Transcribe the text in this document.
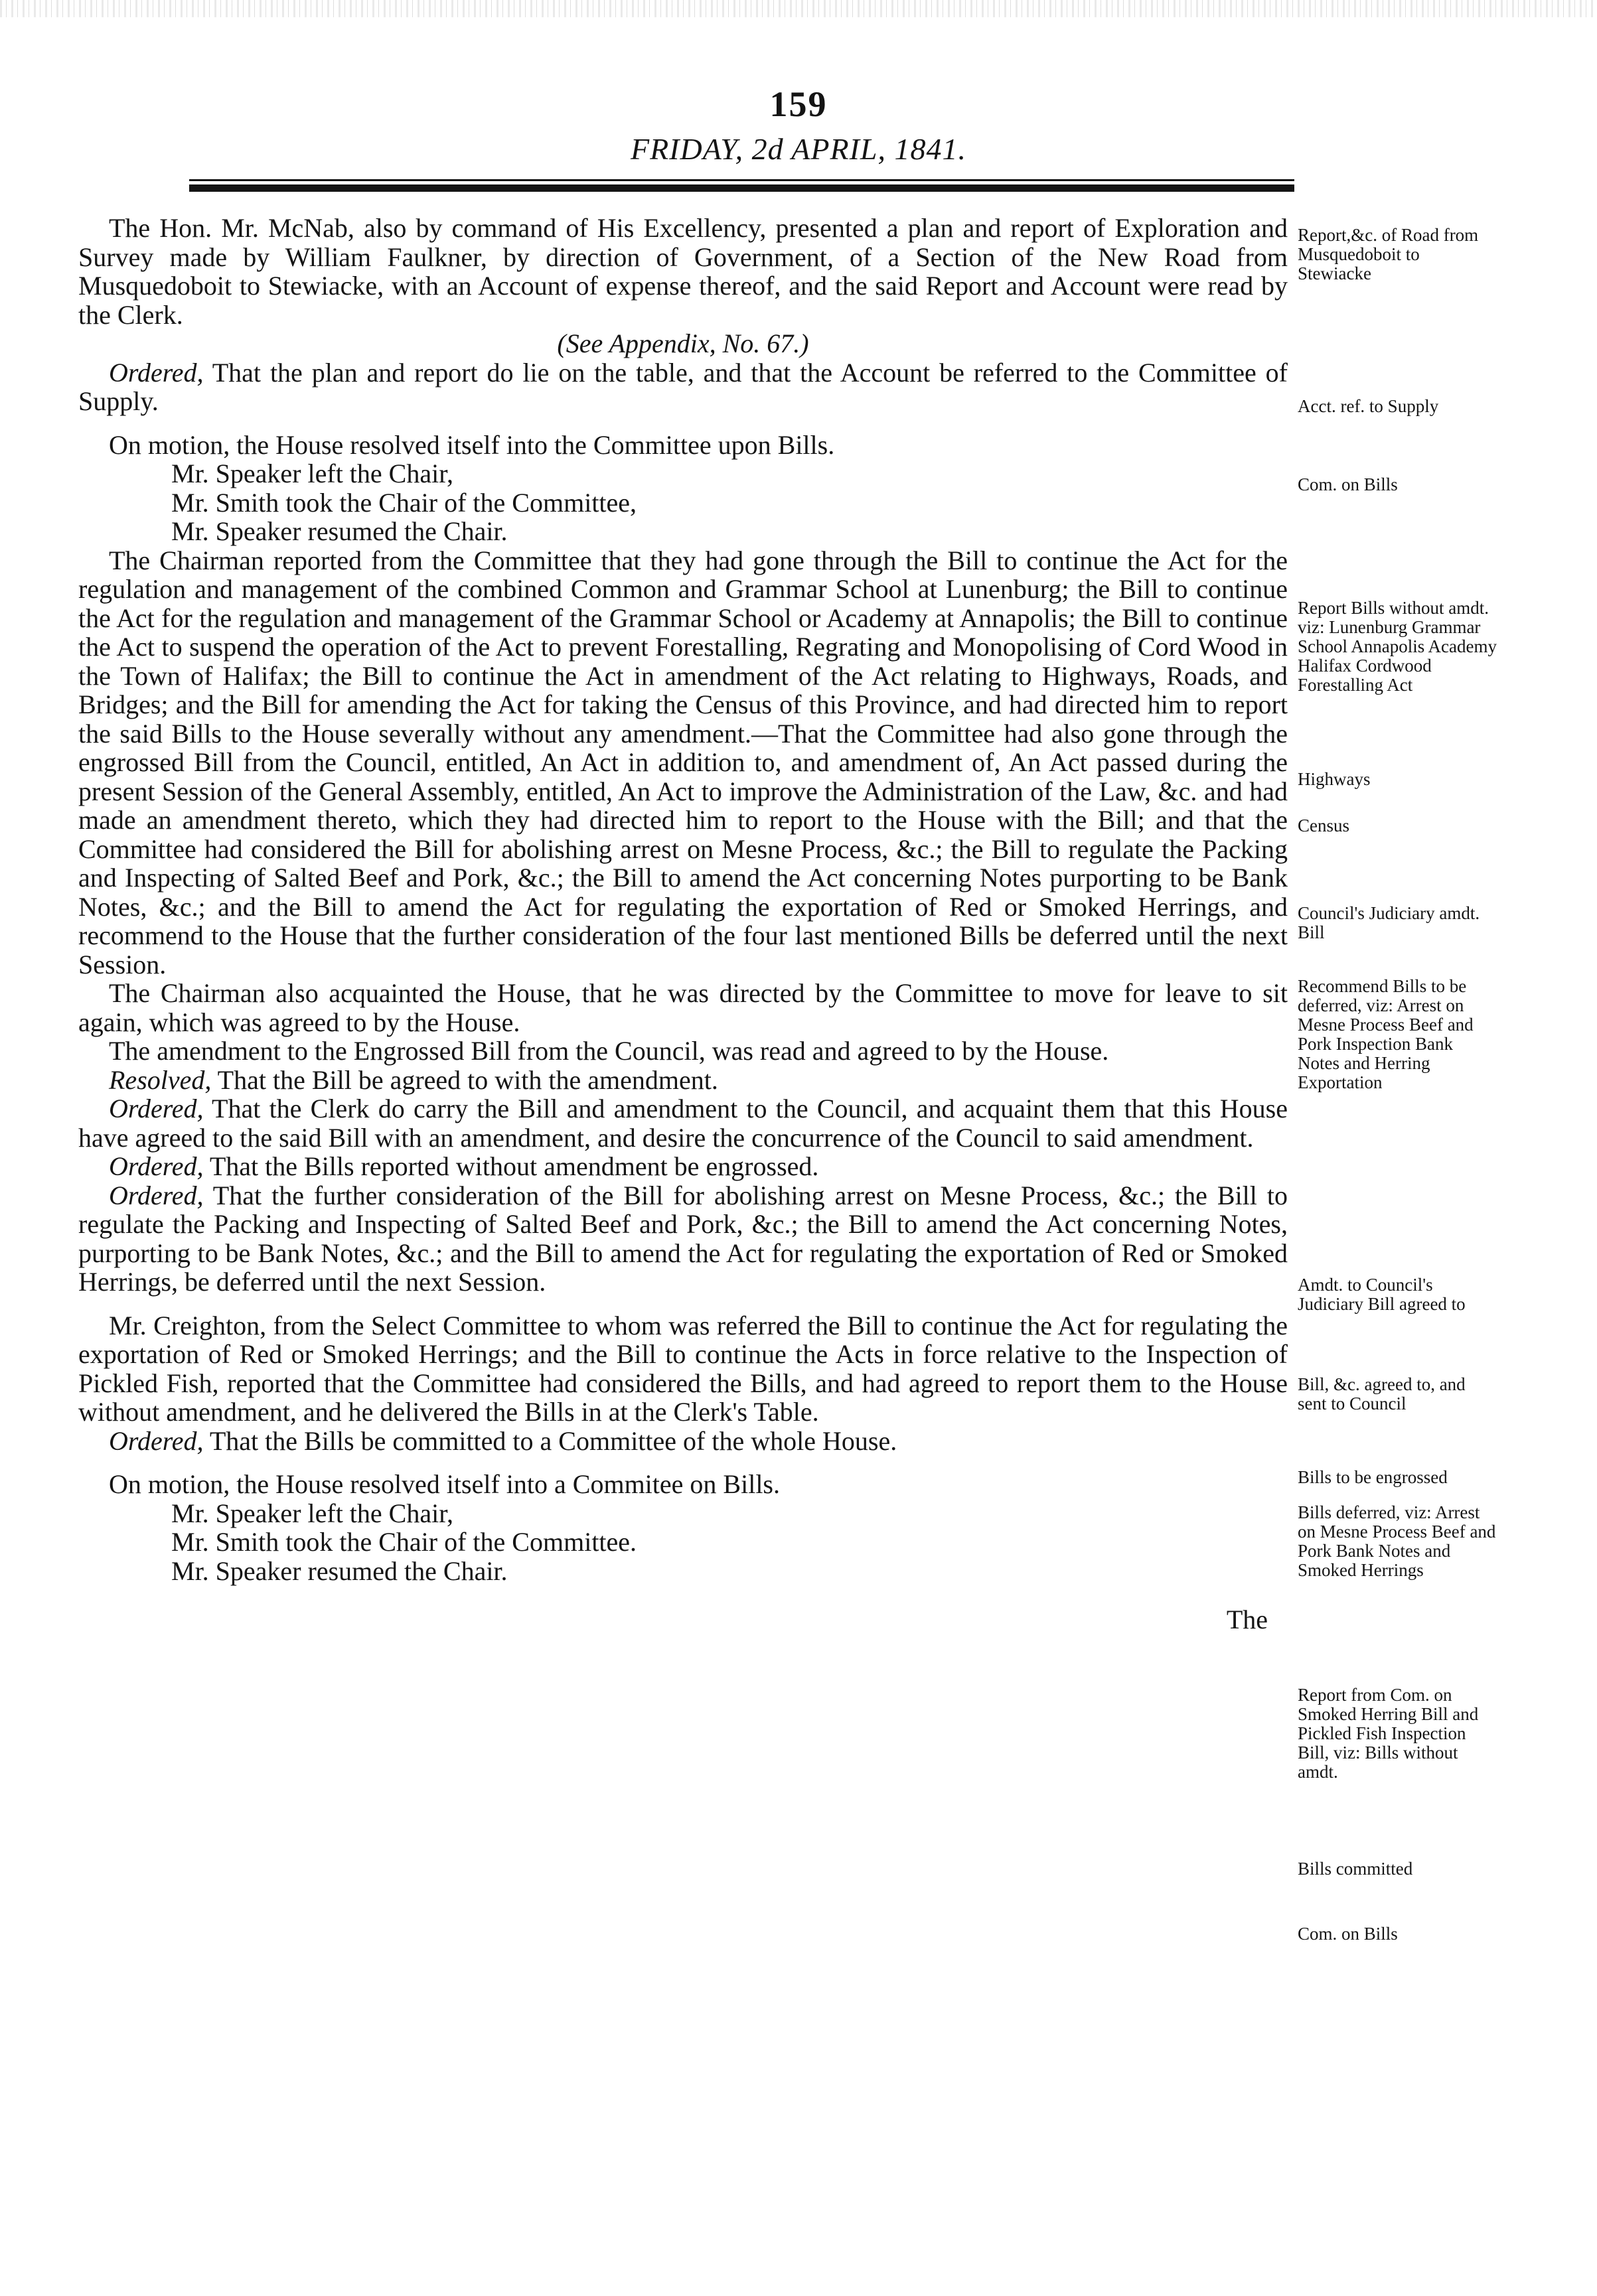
159
FRIDAY, 2d APRIL, 1841.

The Hon. Mr. McNab, also by command of His Excellency, presented a plan and report of Exploration and Survey made by William Faulkner, by direction of Government, of a Section of the New Road from Musquedoboit to Stewiacke, with an Account of expense thereof, and the said Report and Account were read by the Clerk.

(See Appendix, No. 67.)

Ordered, That the plan and report do lie on the table, and that the Account be referred to the Committee of Supply.

On motion, the House resolved itself into the Committee upon Bills.

Mr. Speaker left the Chair,

Mr. Smith took the Chair of the Committee,

Mr. Speaker resumed the Chair.

The Chairman reported from the Committee that they had gone through the Bill to continue the Act for the regulation and management of the combined Common and Grammar School at Lunenburg; the Bill to continue the Act for the regulation and management of the Grammar School or Academy at Annapolis; the Bill to continue the Act to suspend the operation of the Act to prevent Forestalling, Regrating and Monopolising of Cord Wood in the Town of Halifax; the Bill to continue the Act in amendment of the Act relating to Highways, Roads, and Bridges; and the Bill for amending the Act for taking the Census of this Province, and had directed him to report the said Bills to the House severally without any amendment.—That the Committee had also gone through the engrossed Bill from the Council, entitled, An Act in addition to, and amendment of, An Act passed during the present Session of the General Assembly, entitled, An Act to improve the Administration of the Law, &c. and had made an amendment thereto, which they had directed him to report to the House with the Bill; and that the Committee had considered the Bill for abolishing arrest on Mesne Process, &c.; the Bill to regulate the Packing and Inspecting of Salted Beef and Pork, &c.; the Bill to amend the Act concerning Notes purporting to be Bank Notes, &c.; and the Bill to amend the Act for regulating the exportation of Red or Smoked Herrings, and recommend to the House that the further consideration of the four last mentioned Bills be deferred until the next Session.

The Chairman also acquainted the House, that he was directed by the Committee to move for leave to sit again, which was agreed to by the House.

The amendment to the Engrossed Bill from the Council, was read and agreed to by the House.

Resolved, That the Bill be agreed to with the amendment.

Ordered, That the Clerk do carry the Bill and amendment to the Council, and acquaint them that this House have agreed to the said Bill with an amendment, and desire the concurrence of the Council to said amendment.

Ordered, That the Bills reported without amendment be engrossed.

Ordered, That the further consideration of the Bill for abolishing arrest on Mesne Process, &c.; the Bill to regulate the Packing and Inspecting of Salted Beef and Pork, &c.; the Bill to amend the Act concerning Notes, purporting to be Bank Notes, &c.; and the Bill to amend the Act for regulating the exportation of Red or Smoked Herrings, be deferred until the next Session.

Mr. Creighton, from the Select Committee to whom was referred the Bill to continue the Act for regulating the exportation of Red or Smoked Herrings; and the Bill to continue the Acts in force relative to the Inspection of Pickled Fish, reported that the Committee had considered the Bills, and had agreed to report them to the House without amendment, and he delivered the Bills in at the Clerk's Table.

Ordered, That the Bills be committed to a Committee of the whole House.

On motion, the House resolved itself into a Commitee on Bills.

Mr. Speaker left the Chair,

Mr. Smith took the Chair of the Committee.

Mr. Speaker resumed the Chair.

The

Report,&c. of Road from Musquedoboit to Stewiacke
Acct. ref. to Supply
Com. on Bills
Report Bills without amdt. viz: Lunenburg Grammar School Annapolis Academy Halifax Cordwood Forestalling Act
Highways
Census
Council's Judiciary amdt. Bill
Recommend Bills to be deferred, viz: Arrest on Mesne Process Beef and Pork Inspection Bank Notes and Herring Exportation
Amdt. to Council's Judiciary Bill agreed to
Bill, &c. agreed to, and sent to Council
Bills to be engrossed
Bills deferred, viz: Arrest on Mesne Process Beef and Pork Bank Notes and Smoked Herrings
Report from Com. on Smoked Herring Bill and Pickled Fish Inspection Bill, viz: Bills without amdt.
Bills committed
Com. on Bills
